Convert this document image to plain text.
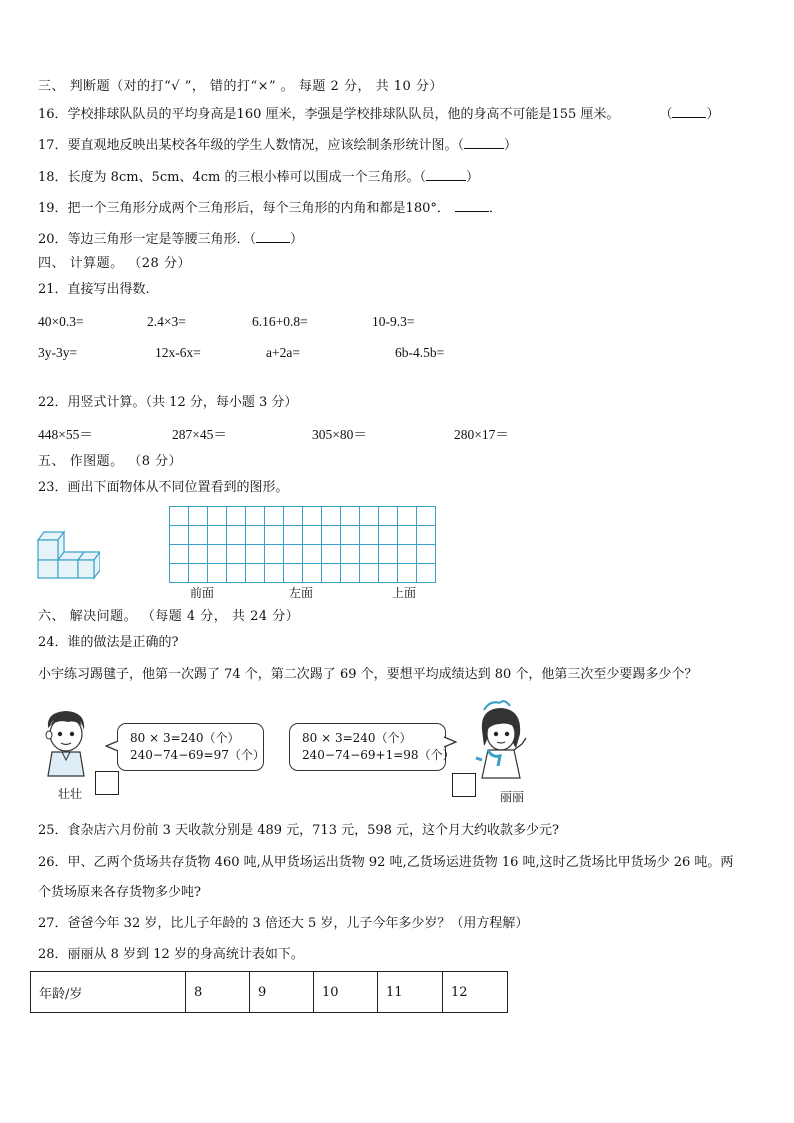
三、 判断题（对的打“√ ”， 错的打“×” 。 每题 2 分， 共 10 分）
16．学校排球队队员的平均身高是160 厘米，李强是学校排球队队员，他的身高不可能是155 厘米。	（	）
17．要直观地反映出某校各年级的学生人数情况，应该绘制条形统计图。（	）
18．长度为 8cm、5cm、4cm 的三根小棒可以围成一个三角形。（	）
19．把一个三角形分成两个三角形后，每个三角形的内角和都是180°．	．
20．等边三角形一定是等腰三角形．（	）
四、 计算题。 （28 分）
21．直接写出得数.
40×0.3=	2.4×3=	6.16+0.8=	10-9.3=
3y-3y=	12x-6x=	a+2a=	6b-4.5b=
22．用竖式计算。（共 12 分，每小题 3 分）
448×55＝	287×45＝	305×80＝	280×17＝
五、 作图题。 （8 分）
23．画出下面物体从不同位置看到的图形。
前面	左面	上面
六、 解决问题。 （每题 4 分， 共 24 分）
24．谁的做法是正确的?
小宇练习踢毽子，他第一次踢了 74 个，第二次踢了 69 个，要想平均成绩达到 80 个，他第三次至少要踢多少个？
壮壮
80 × 3=240（个）
240−74−69=97（个）
80 × 3=240（个）
240−74−69+1=98（个）
丽丽
25．食杂店六月份前 3 天收款分别是 489 元，713 元，598 元，这个月大约收款多少元?
26．甲、乙两个货场共存货物 460 吨,从甲货场运出货物 92 吨,乙货场运进货物 16 吨,这时乙货场比甲货场少 26 吨。两
个货场原来各存货物多少吨?
27．爸爸今年 32 岁，比儿子年龄的 3 倍还大 5 岁，儿子今年多少岁？（用方程解）
28．丽丽从 8 岁到 12 岁的身高统计表如下。
年龄/岁	8	9	10	11	12
